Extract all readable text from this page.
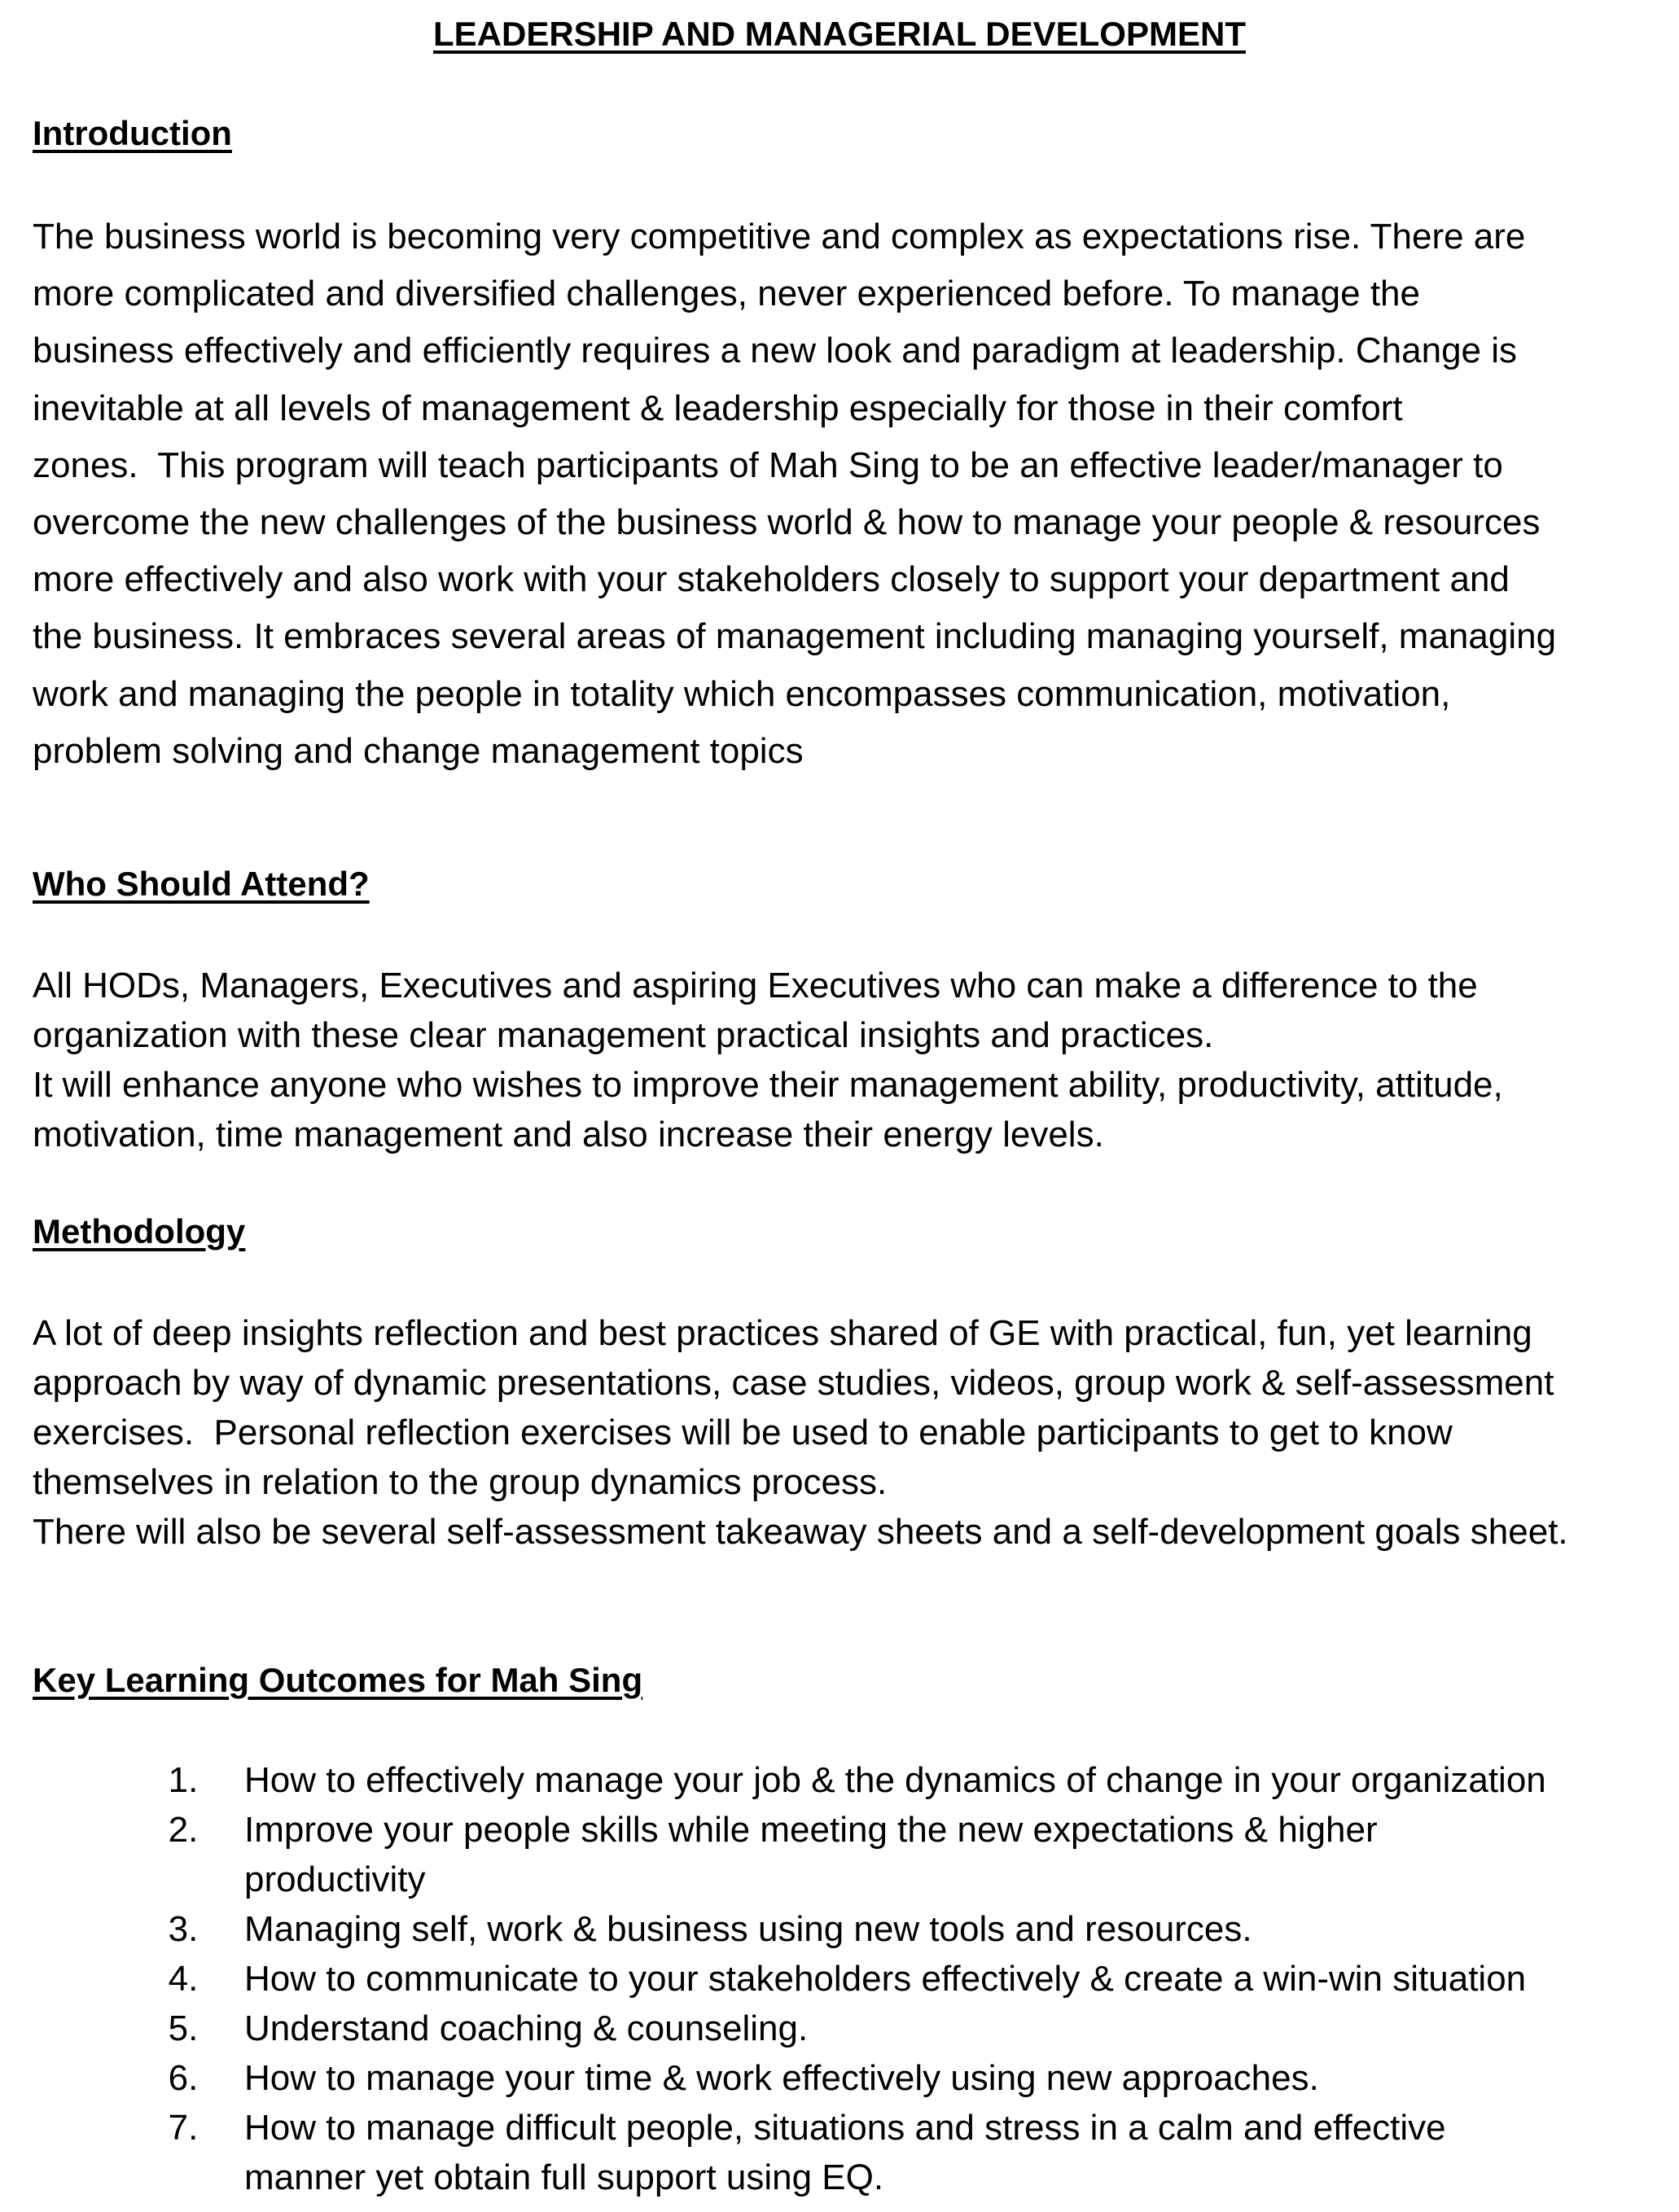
LEADERSHIP AND MANAGERIAL DEVELOPMENT
Introduction

The business world is becoming very competitive and complex as expectations rise. There are
more complicated and diversified challenges, never experienced before. To manage the
business effectively and efficiently requires a new look and paradigm at leadership. Change is
inevitable at all levels of management & leadership especially for those in their comfort
zones.  This program will teach participants of Mah Sing to be an effective leader/manager to
overcome the new challenges of the business world & how to manage your people & resources
more effectively and also work with your stakeholders closely to support your department and
the business. It embraces several areas of management including managing yourself, managing
work and managing the people in totality which encompasses communication, motivation,
problem solving and change management topics

Who Should Attend?

All HODs, Managers, Executives and aspiring Executives who can make a difference to the
organization with these clear management practical insights and practices.
It will enhance anyone who wishes to improve their management ability, productivity, attitude,
motivation, time management and also increase their energy levels.

Methodology

A lot of deep insights reflection and best practices shared of GE with practical, fun, yet learning
approach by way of dynamic presentations, case studies, videos, group work & self-assessment
exercises.  Personal reflection exercises will be used to enable participants to get to know
themselves in relation to the group dynamics process.
There will also be several self-assessment takeaway sheets and a self-development goals sheet.

Key Learning Outcomes for Mah Sing
1.	How to effectively manage your job & the dynamics of change in your organization
2.	Improve your people skills while meeting the new expectations & higher
productivity
3.	Managing self, work & business using new tools and resources.
4.	How to communicate to your stakeholders effectively & create a win-win situation
5.	Understand coaching & counseling.
6.	How to manage your time & work effectively using new approaches.
7.	How to manage difficult people, situations and stress in a calm and effective
manner yet obtain full support using EQ.
